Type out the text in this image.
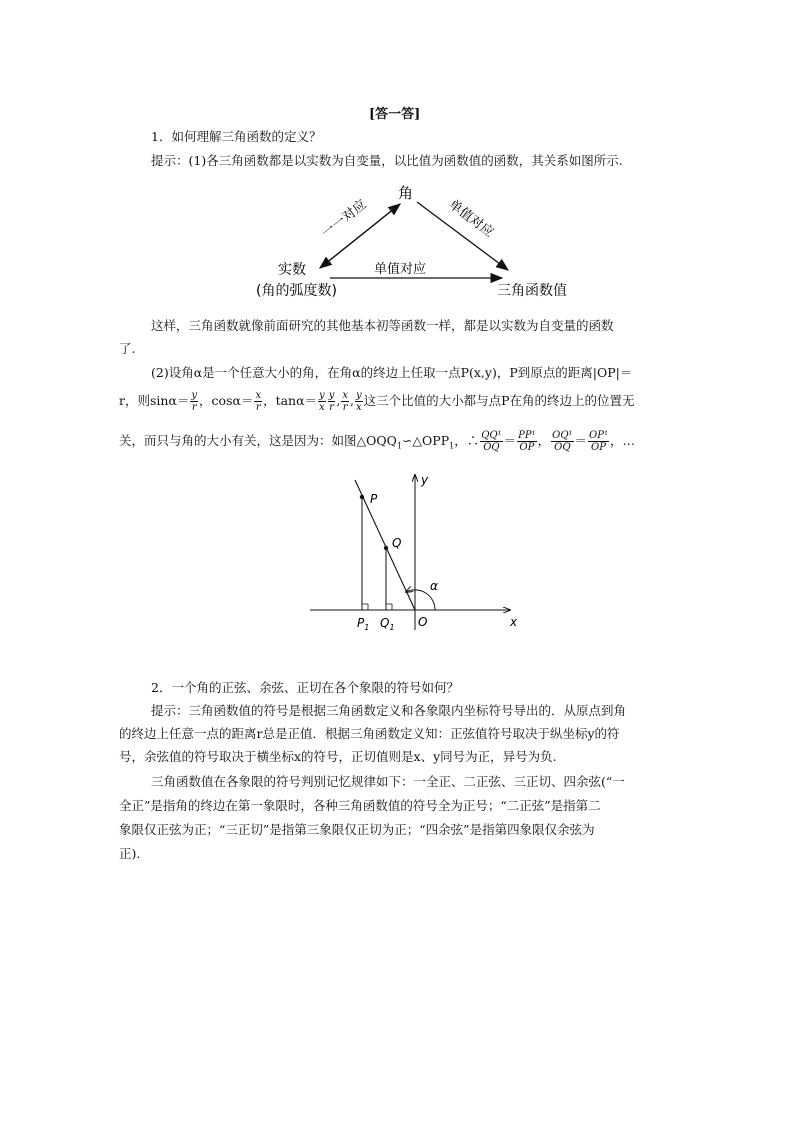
[答一答]
1．如何理解三角函数的定义？
提示：(1)各三角函数都是以实数为自变量，以比值为函数值的函数，其关系如图所示.
角
实数
(角的弧度数)	三角函数值
一一对应	单值对应
单值对应
这样，三角函数就像前面研究的其他基本初等函数一样，都是以实数为自变量的函数
了.
(2)设角α是一个任意大小的角，在角α的终边上任取一点P(x,y)，P到原点的距离|OP|＝
r，则$\sin\alpha= \frac{y}{r}$ ，$\cos\alpha= \frac{x}{r}$ ，$\tan\alpha= \frac{y}{x} \frac{y}{r}$ , $\frac{x}{r}$ , $\frac{y}{x}$ 这三个比值的大小都与点P在角的终边上的位置无
关，而只与角的大小有关，这是因为：如图$\triangle OQQ_1∽\triangle OPP_1$，∴ $\frac{\text{QQ¹}}{OQ} = \frac{\text{PP¹}}{OP}$ ， $\frac{\text{OQ¹}}{OQ} = \frac{\text{OP¹}}{OP}$ ，…
P
Q
$P_1$ $Q_1$ O	x
y
α
2．一个角的正弦、余弦、正切在各个象限的符号如何？
提示：三角函数值的符号是根据三角函数定义和各象限内坐标符号导出的．从原点到角
的终边上任意一点的距离r总是正值．根据三角函数定义知：正弦值符号取决于纵坐标y的符
号，余弦值的符号取决于横坐标x的符号，正切值则是x、y同号为正，异号为负.
三角函数值在各象限的符号判别记忆规律如下：一全正、二正弦、三正切、四余弦(“一
全正”是指角的终边在第一象限时，各种三角函数值的符号全为正号；“二正弦”是指第二
象限仅正弦为正；“三正切”是指第三象限仅正切为正；“四余弦”是指第四象限仅余弦为
正).
